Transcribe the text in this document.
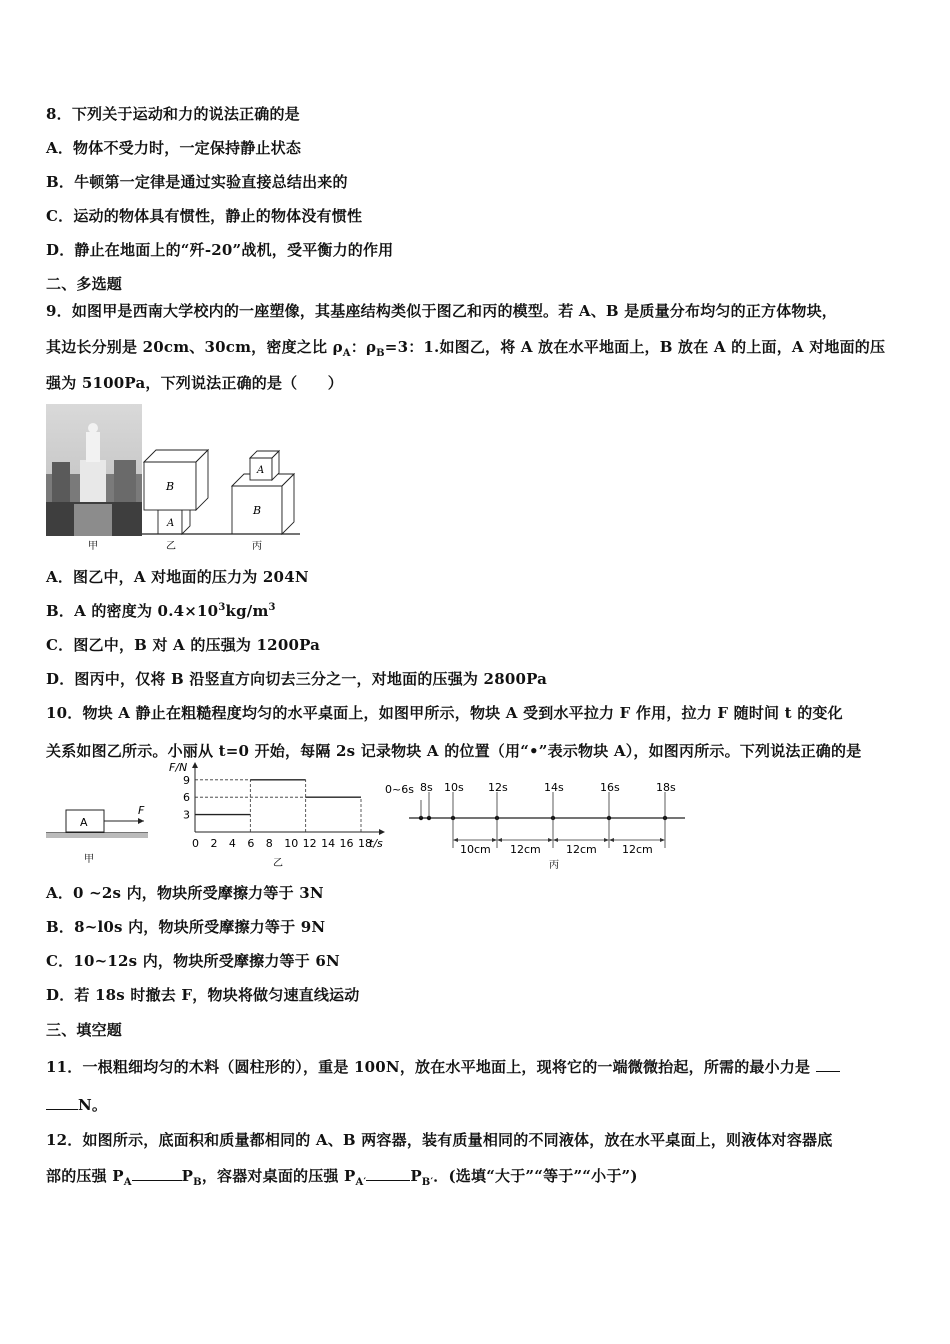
8．下列关于运动和力的说法正确的是
A．物体不受力时，一定保持静止状态
B．牛顿第一定律是通过实验直接总结出来的
C．运动的物体具有惯性，静止的物体没有惯性
D．静止在地面上的“歼-20”战机，受平衡力的作用
二、多选题
9．如图甲是西南大学校内的一座塑像，其基座结构类似于图乙和丙的模型。若 A、B 是质量分布均匀的正方体物块，
其边长分别是 20cm、30cm，密度之比 $\rho_A$：$\rho_B=3$：1.如图乙，将 A 放在水平地面上，B 放在 A 的上面，A 对地面的压
强为 5100Pa，下列说法正确的是（　　）
甲
A
B
乙
A
B
丙
A．图乙中，A 对地面的压力为 204N
B．A 的密度为 $0.4\times 10^3kg/m^3$
C．图乙中，B 对 A 的压强为 1200Pa
D．图丙中，仅将 B 沿竖直方向切去三分之一，对地面的压强为 2800Pa
10．物块 A 静止在粗糙程度均匀的水平桌面上，如图甲所示，物块 A 受到水平拉力 F 作用，拉力 F 随时间 t 的变化
关系如图乙所示。小丽从 t=0 开始，每隔 2s 记录物块 A 的位置（用“•”表示物块 A），如图丙所示。下列说法正确的是
A
F
甲
0 2 4 6 8 10 12 14 16 18
3
6
9
F/N
t/s
乙
0~6s 8s 10s 12s	14s	16s	18s
10cm 12cm 12cm 12cm
丙
A．0 ~2s 内，物块所受摩擦力等于 3N
B．8~l0s 内，物块所受摩擦力等于 9N
C．10~12s 内，物块所受摩擦力等于 6N
D．若 18s 时撤去 F，物块将做匀速直线运动
三、填空题
11．一根粗细均匀的木料（圆柱形的），重是 100N，放在水平地面上，现将它的一端微微抬起，所需的最小力是
N。
12．如图所示，底面积和质量都相同的 A、B 两容器，装有质量相同的不同液体，放在水平桌面上，则液体对容器底
部的压强 $P_A$	$P_B$，容器对桌面的压强 $P_{A'}$	$P_{B'}$．(选填“大于”“等于”“小于”)
